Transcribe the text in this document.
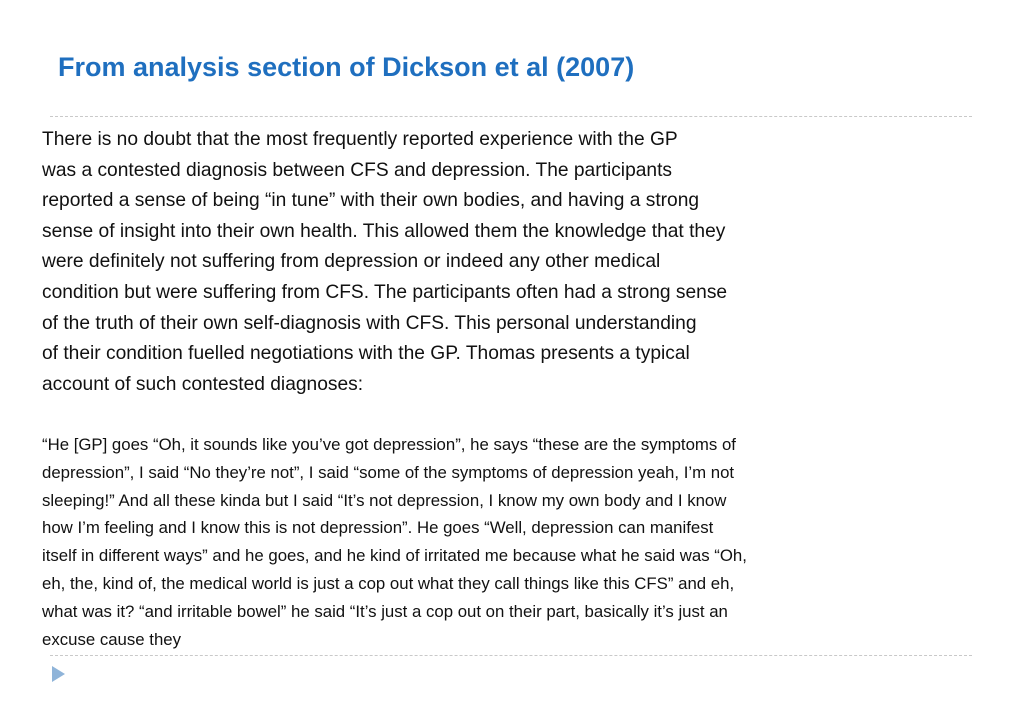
From analysis section of Dickson et al (2007)

There is no doubt that the most frequently reported experience with the GP
was a contested diagnosis between CFS and depression. The participants
reported a sense of being “in tune” with their own bodies, and having a strong
sense of insight into their own health. This allowed them the knowledge that they
were definitely not suffering from depression or indeed any other medical
condition but were suffering from CFS. The participants often had a strong sense
of the truth of their own self-diagnosis with CFS. This personal understanding
of their condition fuelled negotiations with the GP. Thomas presents a typical
account of such contested diagnoses:

“He [GP] goes “Oh, it sounds like you’ve got depression”, he says “these are the symptoms of
depression”, I said “No they’re not”, I said “some of the symptoms of depression yeah, I’m not
sleeping!” And all these kinda but I said “It’s not depression, I know my own body and I know
how I’m feeling and I know this is not depression”. He goes “Well, depression can manifest
itself in different ways” and he goes, and he kind of irritated me because what he said was “Oh,
eh, the, kind of, the medical world is just a cop out what they call things like this CFS” and eh,
what was it? “and irritable bowel” he said “It’s just a cop out on their part, basically it’s just an
excuse cause they
